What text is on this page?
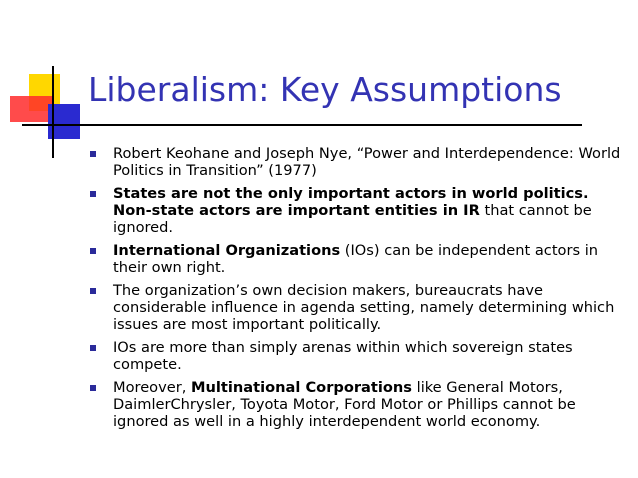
Liberalism: Key Assumptions
Robert Keohane and Joseph Nye, “Power and Interdependence: World Politics in Transition” (1977)
States are not the only important actors in world politics. Non-state actors are important entities in IR that cannot be ignored.
International Organizations (IOs) can be independent actors in their own right.
The organization’s own decision makers, bureaucrats have considerable influence in agenda setting, namely determining which issues are most important politically.
IOs are more than simply arenas within which sovereign states compete.
Moreover, Multinational Corporations like General Motors, DaimlerChrysler, Toyota Motor, Ford Motor or Phillips cannot be ignored as well in a highly interdependent world economy.
